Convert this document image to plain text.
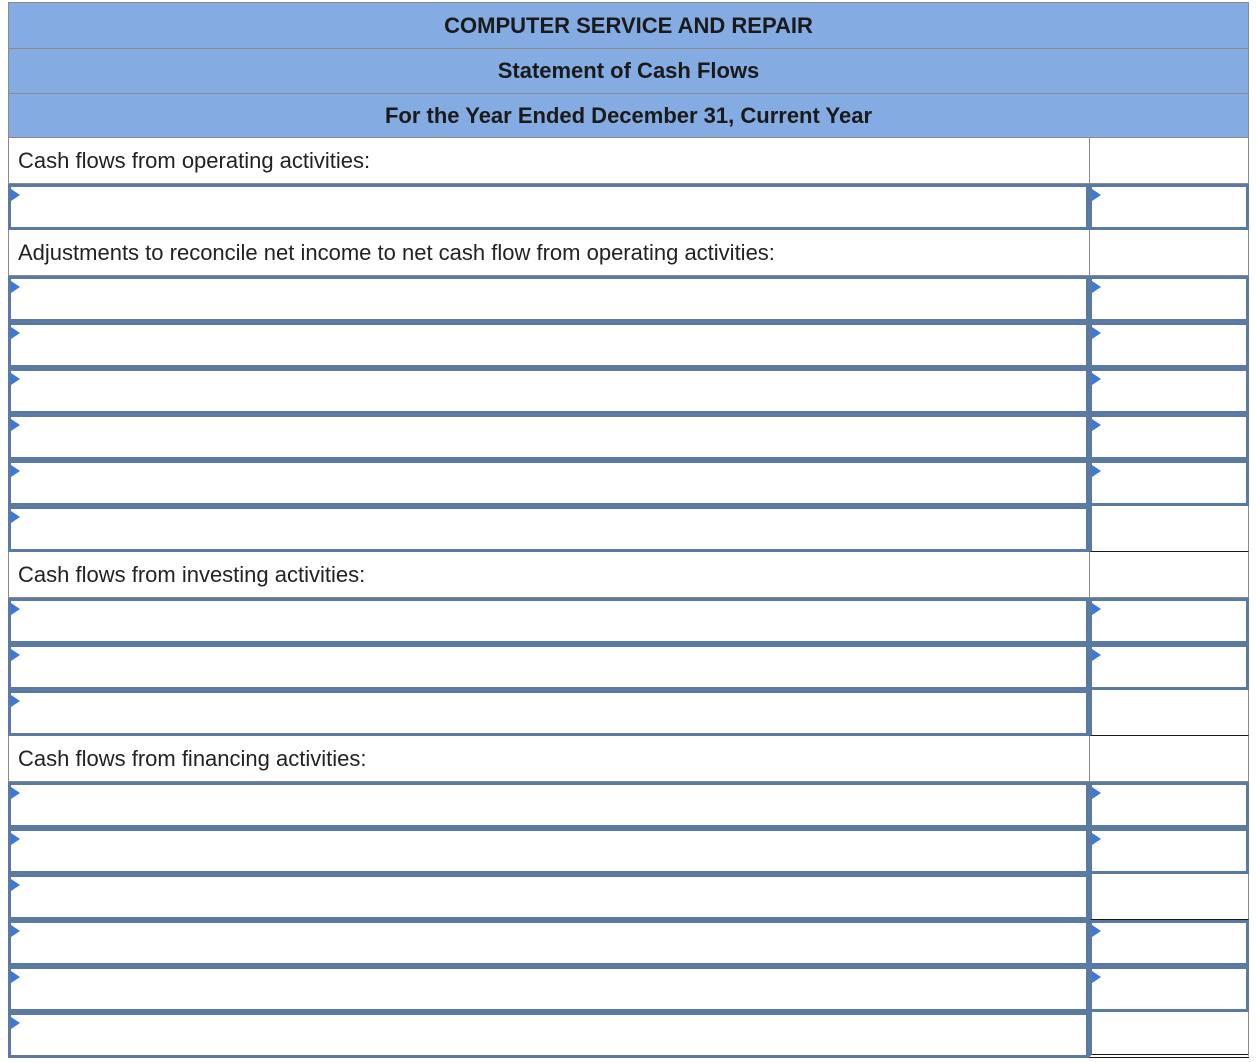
COMPUTER SERVICE AND REPAIR
Statement of Cash Flows
For the Year Ended December 31, Current Year
Cash flows from operating activities:
Adjustments to reconcile net income to net cash flow from operating activities:
Cash flows from investing activities:
Cash flows from financing activities:
